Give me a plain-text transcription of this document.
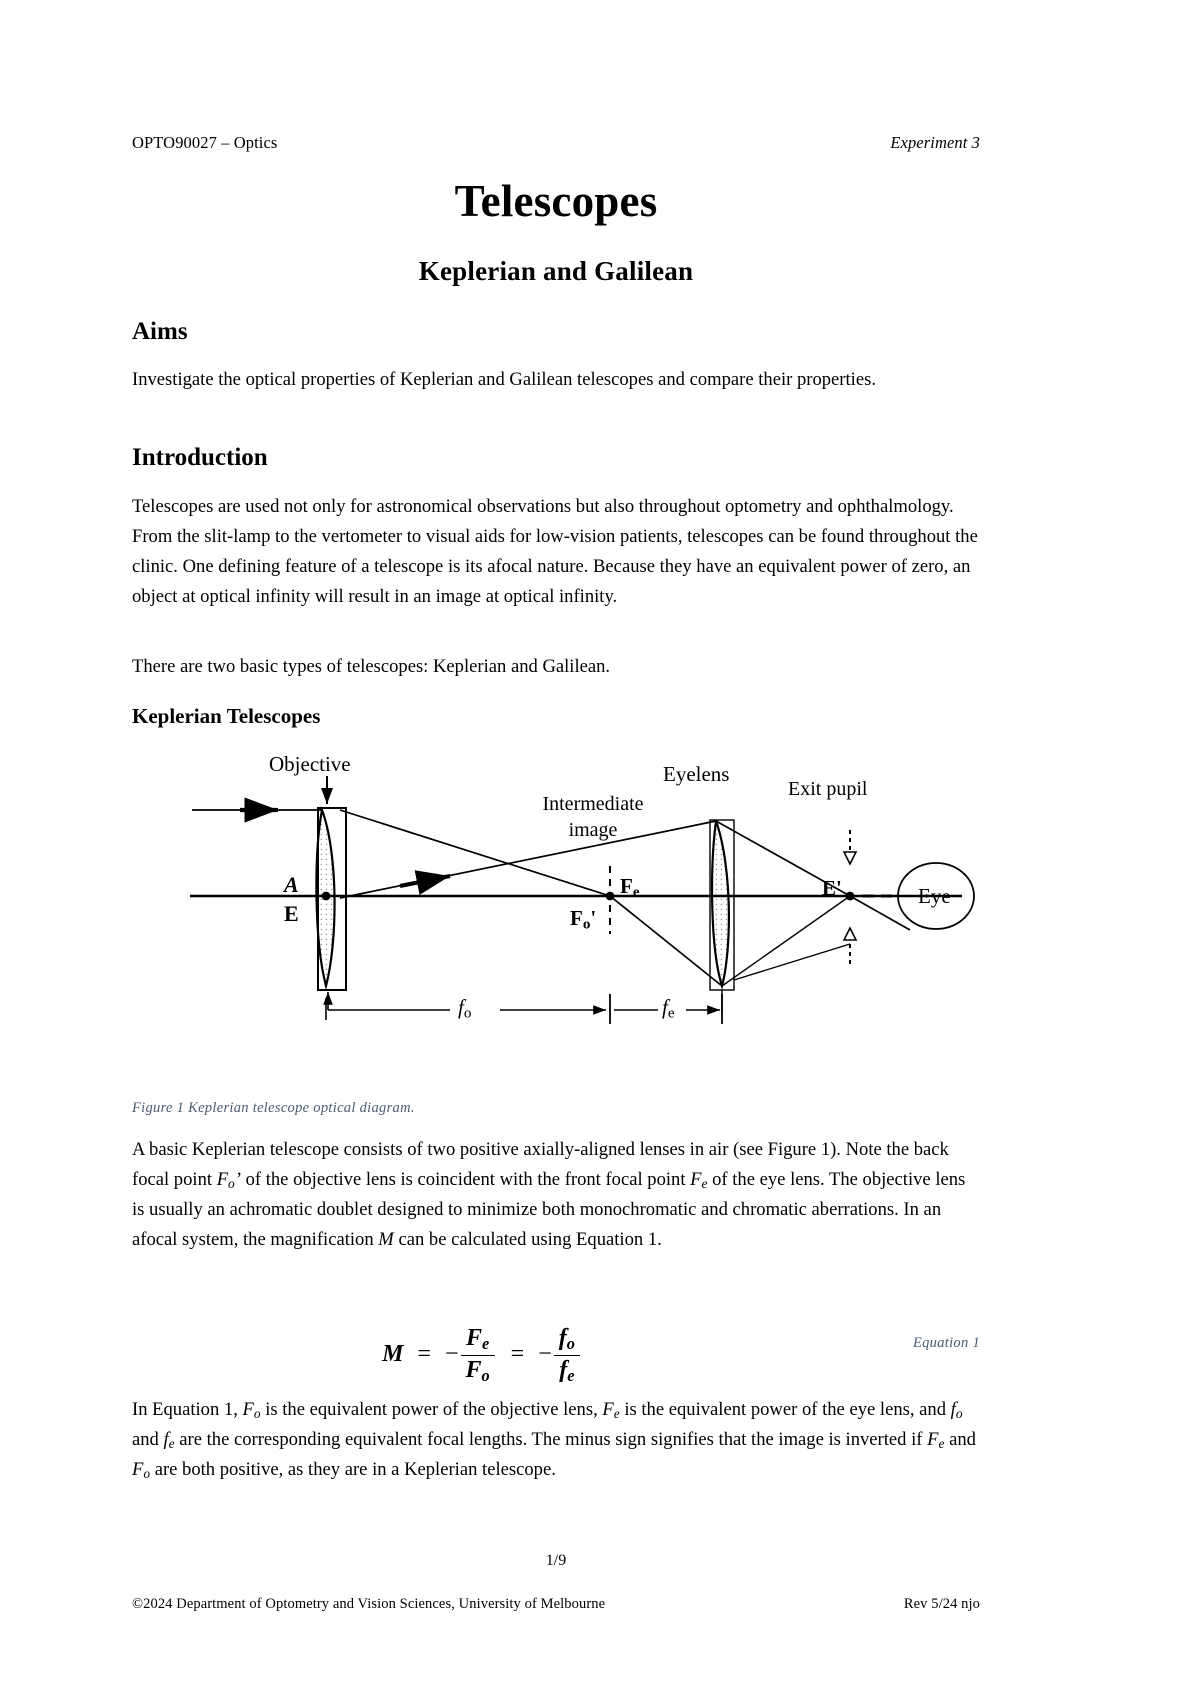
OPTO90027 – Optics	Experiment 3
Telescopes
Keplerian and Galilean
Aims

Investigate the optical properties of Keplerian and Galilean telescopes and compare their properties.

Introduction

Telescopes are used not only for astronomical observations but also throughout optometry and ophthalmology. From the slit-lamp to the vertometer to visual aids for low-vision patients, telescopes can be found throughout the clinic. One defining feature of a telescope is its afocal nature. Because they have an equivalent power of zero, an object at optical infinity will result in an image at optical infinity.

There are two basic types of telescopes: Keplerian and Galilean.

Keplerian Telescopes
Objective	Eyelens
Intermediate
image
Exit pupil
Eye
A
E
E'
$F_e$
$F_o'$
$f_o$	$f_e$
Figure 1 Keplerian telescope optical diagram.

A basic Keplerian telescope consists of two positive axially-aligned lenses in air (see Figure 1). Note the back focal point $F_o$’ of the objective lens is coincident with the front focal point $F_e$ of the eye lens. The objective lens is usually an achromatic doublet designed to minimize both monochromatic and chromatic aberrations. In an afocal system, the magnification M can be calculated using Equation 1.

M = − $\frac{Fe}{Fo}$ = − $\frac{fo}{fe}$	Equation 1

In Equation 1, $F_o$ is the equivalent power of the objective lens, $F_e$ is the equivalent power of the eye lens, and $f_o$ and $f_e$ are the corresponding equivalent focal lengths. The minus sign signifies that the image is inverted if $F_e$ and $F_o$ are both positive, as they are in a Keplerian telescope.

1/9
©2024 Department of Optometry and Vision Sciences, University of Melbourne	Rev 5/24 njo
